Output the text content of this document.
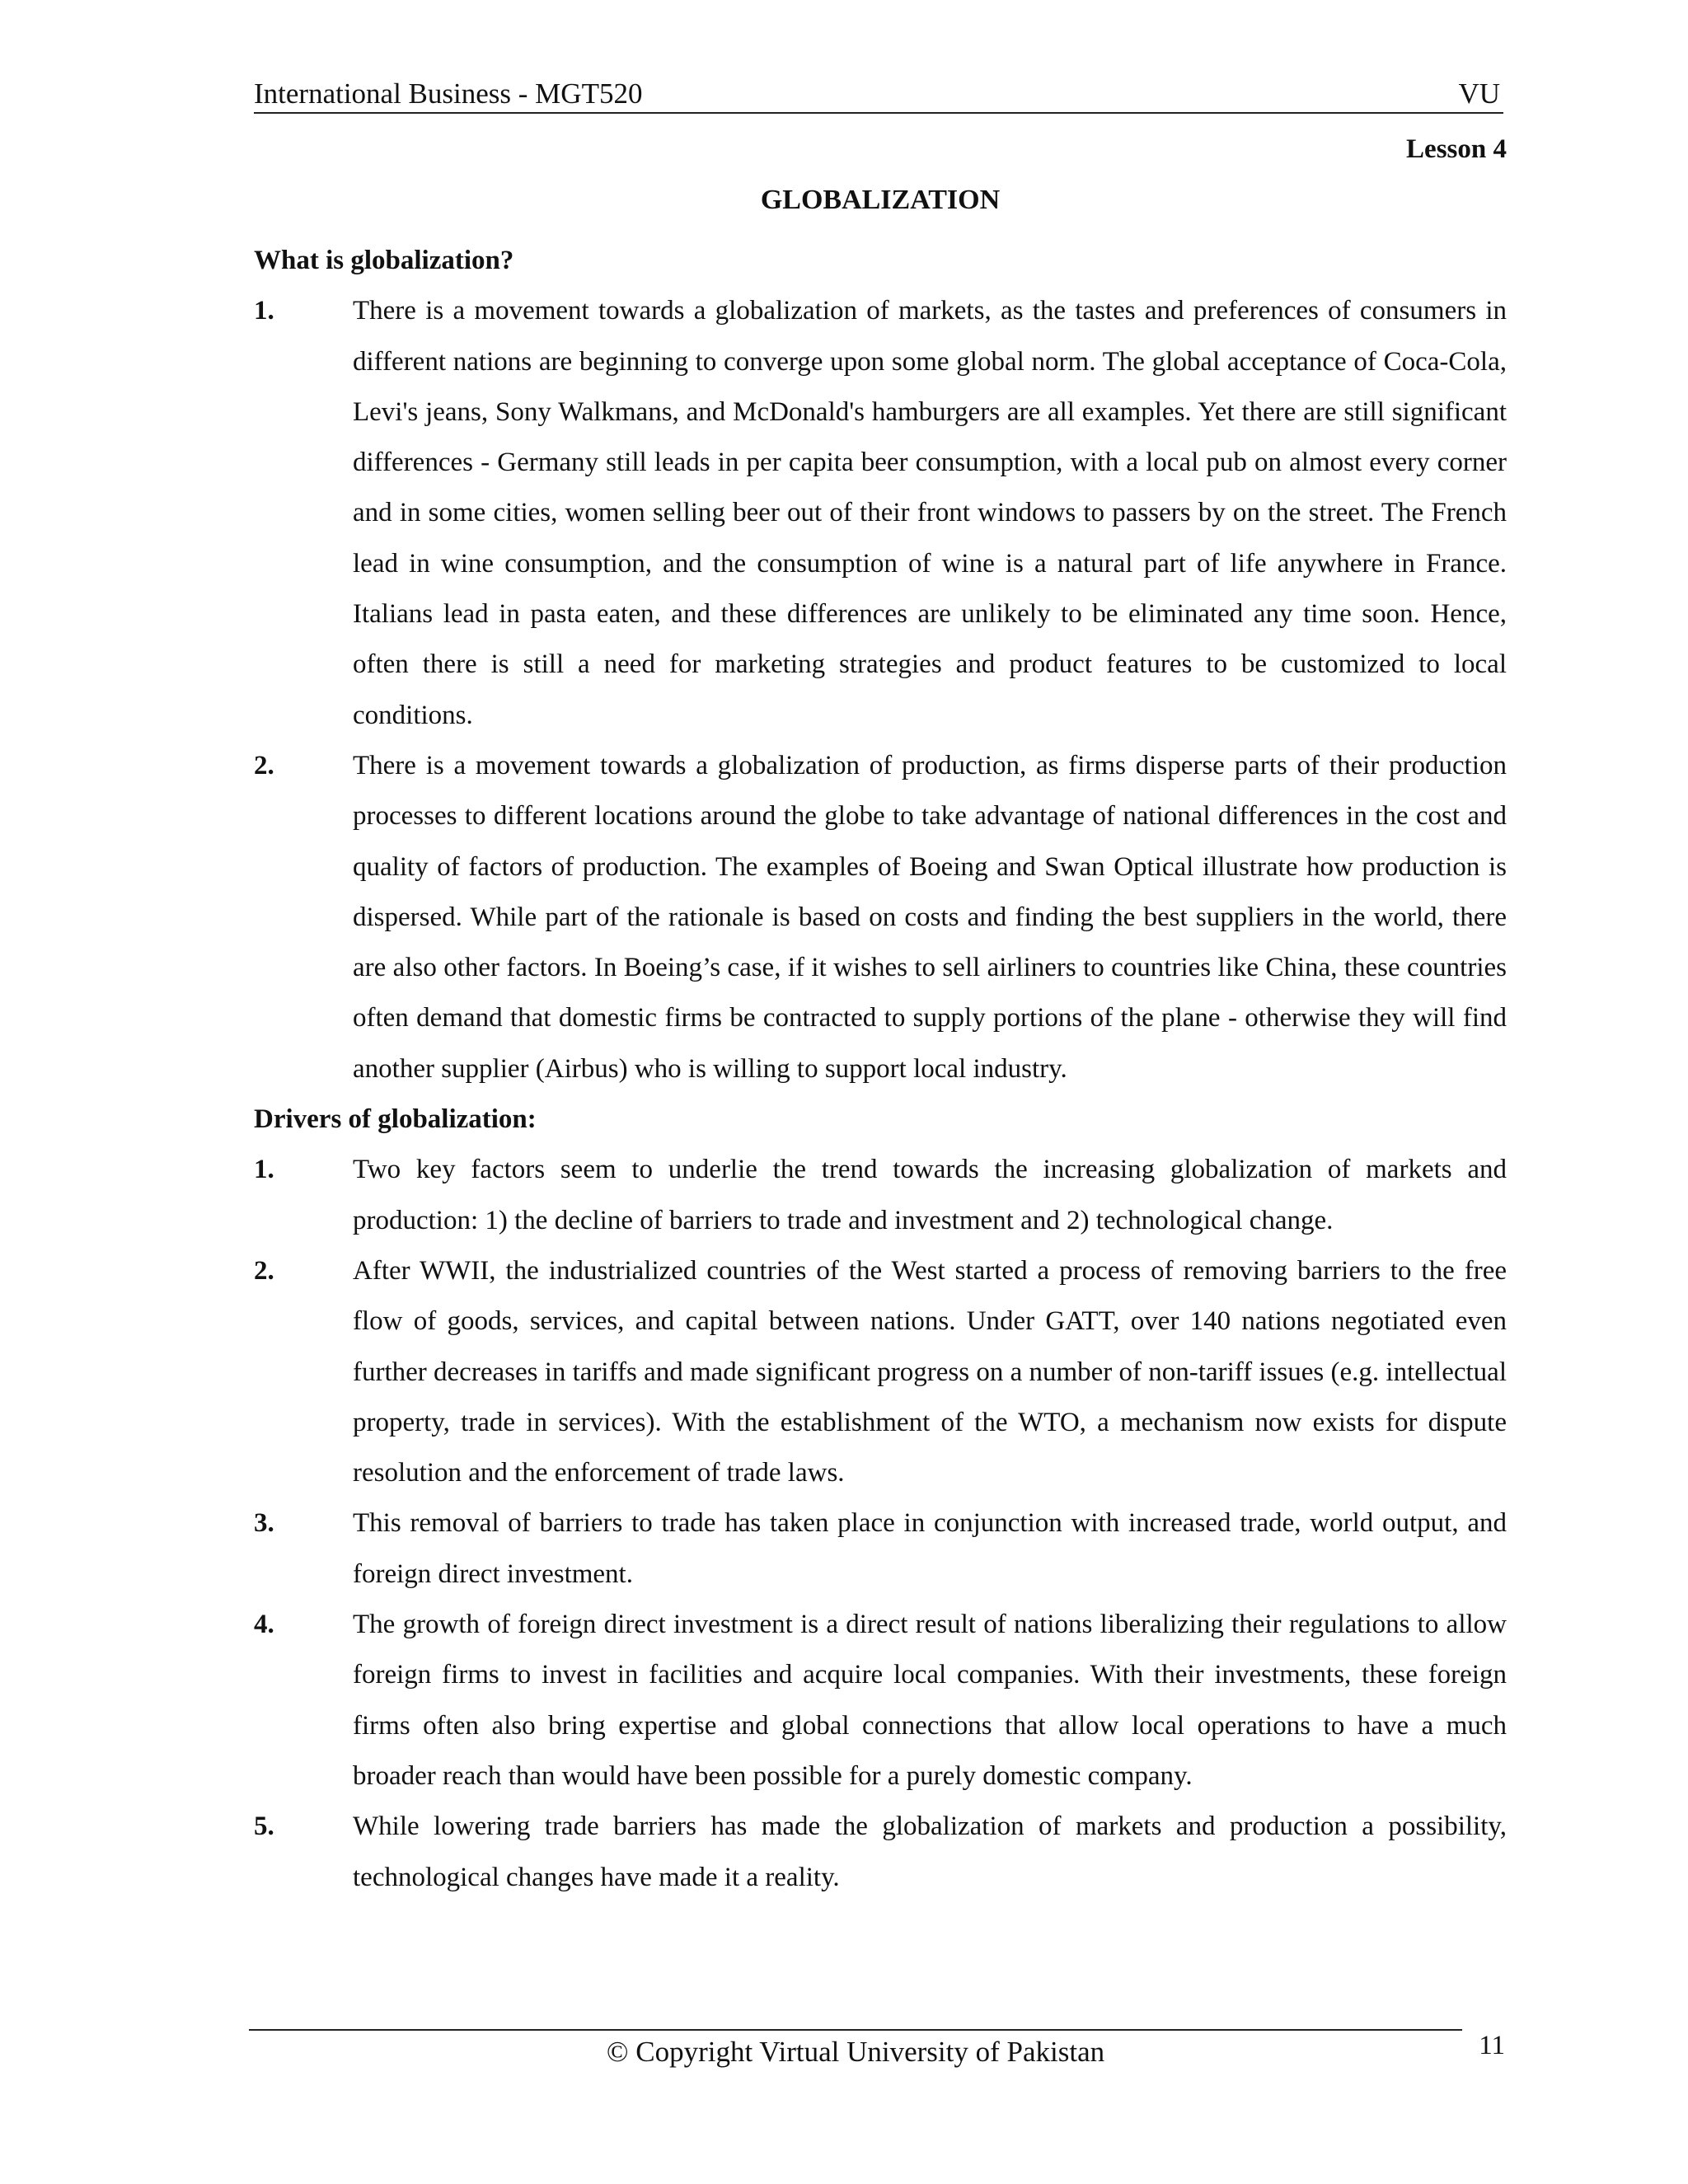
International Business - MGT520	VU
Lesson 4
GLOBALIZATION

What is globalization?

1.	There is a movement towards a globalization of markets, as the tastes and preferences of consumers in different nations are beginning to converge upon some global norm. The global acceptance of Coca-Cola, Levi's jeans, Sony Walkmans, and McDonald's hamburgers are all examples. Yet there are still significant differences - Germany still leads in per capita beer consumption, with a local pub on almost every corner and in some cities, women selling beer out of their front windows to passers by on the street. The French lead in wine consumption, and the consumption of wine is a natural part of life anywhere in France. Italians lead in pasta eaten, and these differences are unlikely to be eliminated any time soon. Hence, often there is still a need for marketing strategies and product features to be customized to local conditions.
2.	There is a movement towards a globalization of production, as firms disperse parts of their production processes to different locations around the globe to take advantage of national differences in the cost and quality of factors of production. The examples of Boeing and Swan Optical illustrate how production is dispersed. While part of the rationale is based on costs and finding the best suppliers in the world, there are also other factors. In Boeing’s case, if it wishes to sell airliners to countries like China, these countries often demand that domestic firms be contracted to supply portions of the plane - otherwise they will find another supplier (Airbus) who is willing to support local industry.

Drivers of globalization:

1.	Two key factors seem to underlie the trend towards the increasing globalization of markets and production: 1) the decline of barriers to trade and investment and 2) technological change.
2.	After WWII, the industrialized countries of the West started a process of removing barriers to the free flow of goods, services, and capital between nations. Under GATT, over 140 nations negotiated even further decreases in tariffs and made significant progress on a number of non-tariff issues (e.g. intellectual property, trade in services). With the establishment of the WTO, a mechanism now exists for dispute resolution and the enforcement of trade laws.
3.	This removal of barriers to trade has taken place in conjunction with increased trade, world output, and foreign direct investment.
4.	The growth of foreign direct investment is a direct result of nations liberalizing their regulations to allow foreign firms to invest in facilities and acquire local companies. With their investments, these foreign firms often also bring expertise and global connections that allow local operations to have a much broader reach than would have been possible for a purely domestic company.
5.	While lowering trade barriers has made the globalization of markets and production a possibility, technological changes have made it a reality.
© Copyright Virtual University of Pakistan	11
